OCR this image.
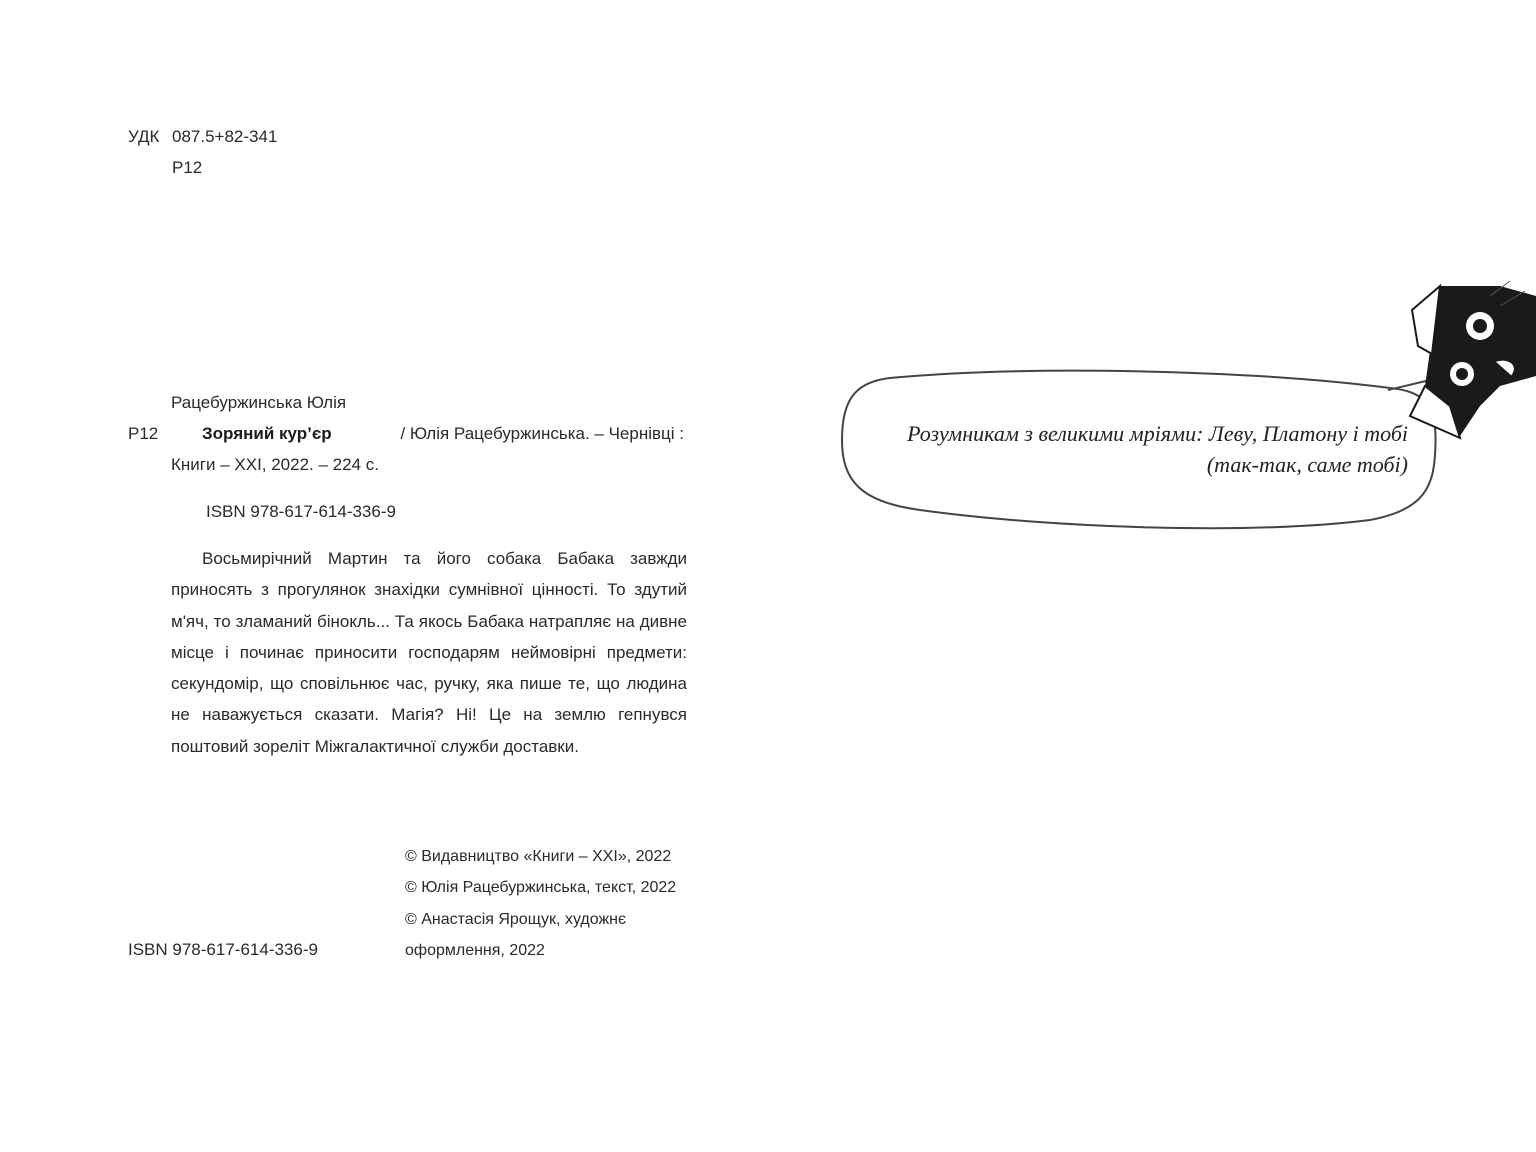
УДК 087.5+82-341
Р12
Рацебуржинська Юлія
Р12	Зоряний кур’єр	/ Юлія Рацебуржинська. – Чернівці :
Книги – ХХІ, 2022. – 224 с.
ISBN 978-617-614-336-9
Восьмирічний Мартин та його собака Бабака завжди приносять з прогулянок знахідки сумнівної цінності. То здутий м'яч, то зламаний бінокль... Та якось Бабака натрапляє на дивне місце і починає приносити господарям неймовірні предмети: секундомір, що сповільнює час, ручку, яка пише те, що людина не наважується сказати. Магія? Ні! Це на землю гепнувся поштовий зореліт Міжгалактичної служби доставки.
© Видавництво «Книги – ХХІ», 2022
© Юлія Рацебуржинська, текст, 2022
© Анастасія Ярощук, художнє
оформлення, 2022
ISBN 978-617-614-336-9
Розумникам з великими мріями: Леву, Платону і тобі
(так-так, саме тобі)
